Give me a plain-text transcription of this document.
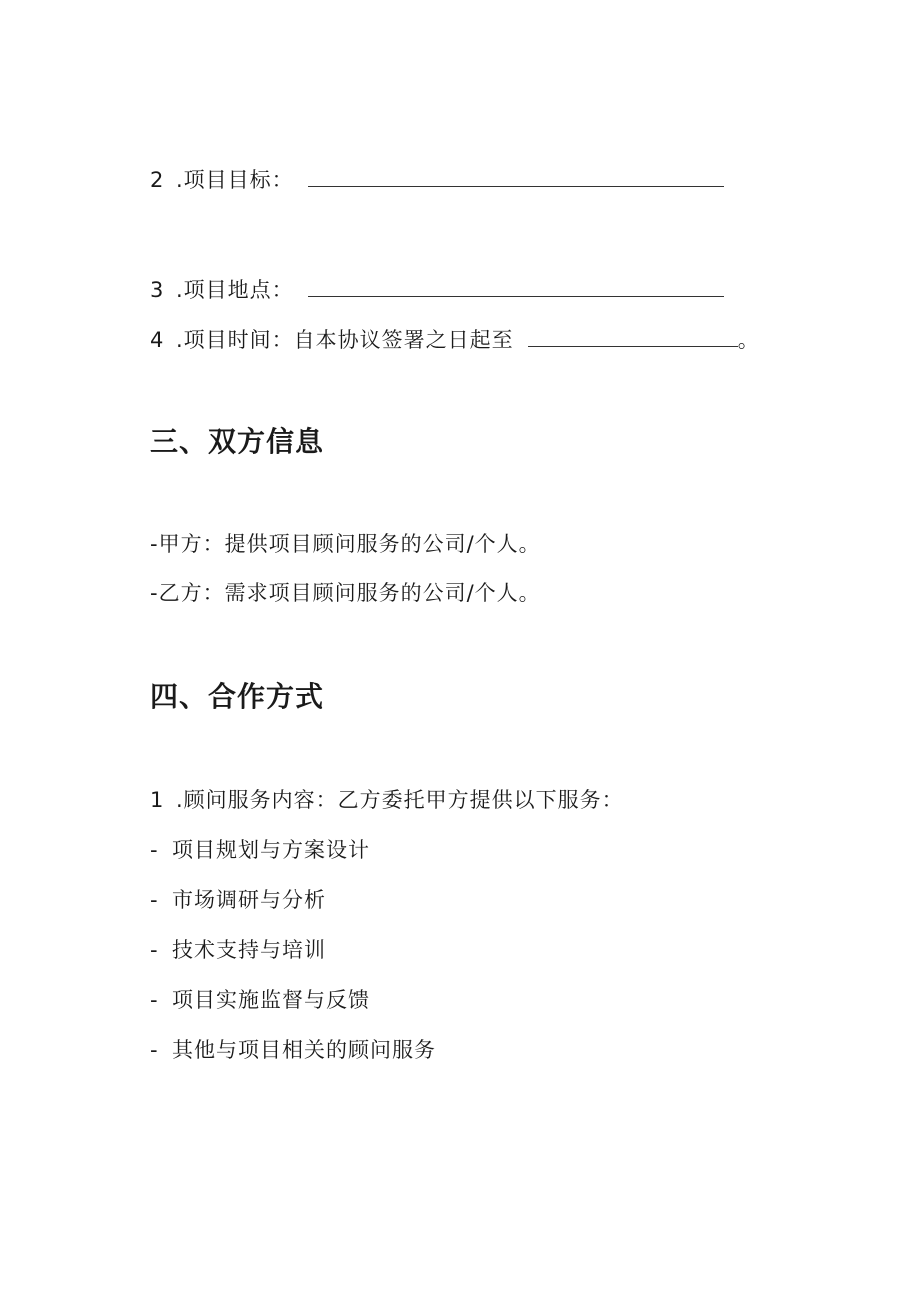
2 .项目目标：
3 .项目地点：
4 .项目时间：自本协议签署之日起至	。
三、双方信息
-甲方：提供项目顾问服务的公司/个人。
-乙方：需求项目顾问服务的公司/个人。
四、合作方式
1 .顾问服务内容：乙方委托甲方提供以下服务：
- 项目规划与方案设计
- 市场调研与分析
- 技术支持与培训
- 项目实施监督与反馈
- 其他与项目相关的顾问服务
